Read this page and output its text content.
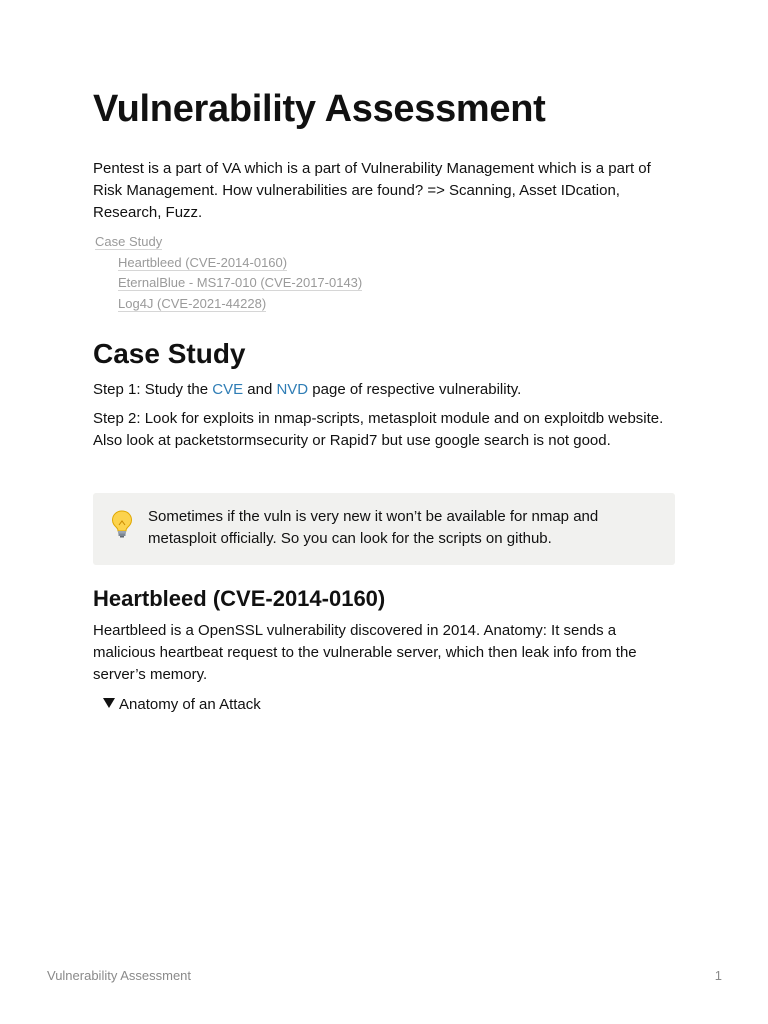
Vulnerability Assessment

Pentest is a part of VA which is a part of Vulnerability Management which is a part of Risk Management. How vulnerabilities are found? => Scanning, Asset IDcation, Research, Fuzz.

Case Study
Heartbleed (CVE-2014-0160)
EternalBlue - MS17-010 (CVE-2017-0143)
Log4J (CVE-2021-44228)
Case Study

Step 1: Study the CVE and NVD page of respective vulnerability.

Step 2: Look for exploits in nmap-scripts, metasploit module and on exploitdb website. Also look at packetstormsecurity or Rapid7 but use google search is not good.

Sometimes if the vuln is very new it won’t be available for nmap and metasploit officially. So you can look for the scripts on github.

Heartbleed (CVE-2014-0160)

Heartbleed is a OpenSSL vulnerability discovered in 2014. Anatomy: It sends a malicious heartbeat request to the vulnerable server, which then leak info from the server’s memory.

Anatomy of an Attack
Vulnerability Assessment	1
